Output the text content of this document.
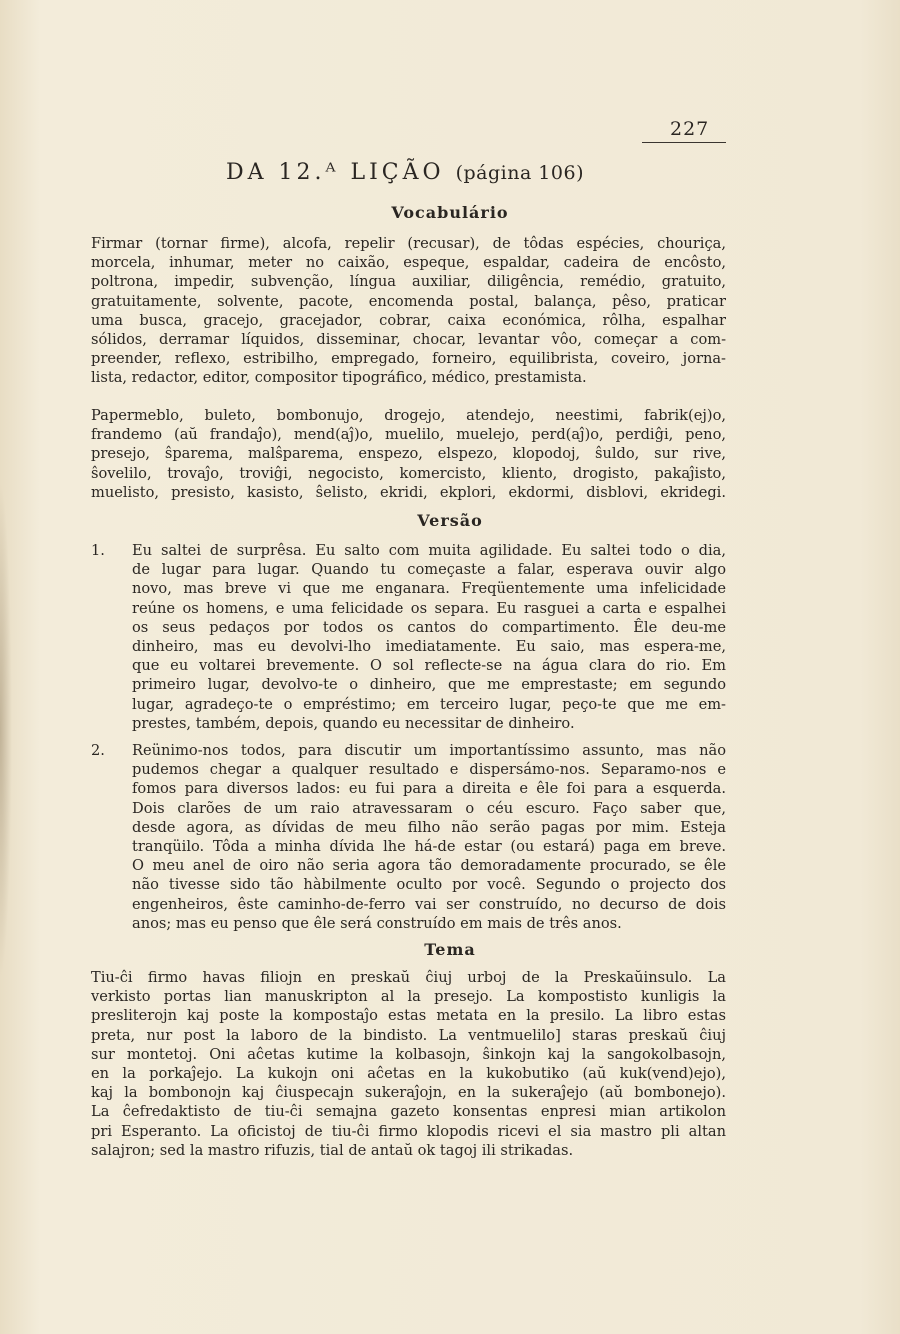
227
DA 12.ᴬ LIÇÃO (página 106)
Vocabulário
Firmar (tornar firme), alcofa, repelir (recusar), de tôdas espécies, chouriça,
morcela, inhumar, meter no caixão, espeque, espaldar, cadeira de encôsto,
poltrona, impedir, subvenção, língua auxiliar, diligência, remédio, gratuito,
gratuitamente, solvente, pacote, encomenda postal, balança, pêso, praticar
uma busca, gracejo, gracejador, cobrar, caixa económica, rôlha, espalhar
sólidos, derramar líquidos, disseminar, chocar, levantar vôo, começar a com-
preender, reflexo, estribilho, empregado, forneiro, equilibrista, coveiro, jorna-
lista, redactor, editor, compositor tipográfico, médico, prestamista.
Papermeblo, buleto, bombonujo, drogejo, atendejo, neestimi, fabrik(ej)o,
frandemo (aŭ frandaĵo), mend(aĵ)o, muelilo, muelejo, perd(aĵ)o, perdiĝi, peno,
presejo, ŝparema, malŝparema, enspezo, elspezo, klopodoj, ŝuldo, sur rive,
ŝovelilo, trovaĵo, troviĝi, negocisto, komercisto, kliento, drogisto, pakaĵisto,
muelisto, presisto, kasisto, ŝelisto, ekridi, ekplori, ekdormi, disblovi, ekridegi.
Versão
1. Eu saltei de surprêsa. Eu salto com muita agilidade. Eu saltei todo o dia,
de lugar para lugar. Quando tu começaste a falar, esperava ouvir algo
novo, mas breve vi que me enganara. Freqüentemente uma infelicidade
reúne os homens, e uma felicidade os separa. Eu rasguei a carta e espalhei
os seus pedaços por todos os cantos do compartimento. Êle deu-me
dinheiro, mas eu devolvi-lho imediatamente. Eu saio, mas espera-me,
que eu voltarei brevemente. O sol reflecte-se na água clara do rio. Em
primeiro lugar, devolvo-te o dinheiro, que me emprestaste; em segundo
lugar, agradeço-te o empréstimo; em terceiro lugar, peço-te que me em-
prestes, também, depois, quando eu necessitar de dinheiro.
2. Reünimo-nos todos, para discutir um importantíssimo assunto, mas não
pudemos chegar a qualquer resultado e dispersámo-nos. Separamo-nos e
fomos para diversos lados: eu fui para a direita e êle foi para a esquerda.
Dois clarões de um raio atravessaram o céu escuro. Faço saber que,
desde agora, as dívidas de meu filho não serão pagas por mim. Esteja
tranqüilo. Tôda a minha dívida lhe há-de estar (ou estará) paga em breve.
O meu anel de oiro não seria agora tão demoradamente procurado, se êle
não tivesse sido tão hàbilmente oculto por você. Segundo o projecto dos
engenheiros, êste caminho-de-ferro vai ser construído, no decurso de dois
anos; mas eu penso que êle será construído em mais de três anos.
Tema
Tiu-ĉi firmo havas filiojn en preskaŭ ĉiuj urboj de la Preskaŭinsulo. La
verkisto portas lian manuskripton al la presejo. La kompostisto kunligis la
presliterojn kaj poste la kompostaĵo estas metata en la presilo. La libro estas
preta, nur post la laboro de la bindisto. La ventmuelilo] staras preskaŭ ĉiuj
sur montetoj. Oni aĉetas kutime la kolbasojn, ŝinkojn kaj la sangokolbasojn,
en la porkaĵejo. La kukojn oni aĉetas en la kukobutiko (aŭ kuk(vend)ejo),
kaj la bombonojn kaj ĉiuspecajn sukeraĵojn, en la sukeraĵejo (aŭ bombonejo).
La ĉefredaktisto de tiu-ĉi semajna gazeto konsentas enpresi mian artikolon
pri Esperanto. La oficistoj de tiu-ĉi firmo klopodis ricevi el sia mastro pli altan
salajron; sed la mastro rifuzis, tial de antaŭ ok tagoj ili strikadas.
